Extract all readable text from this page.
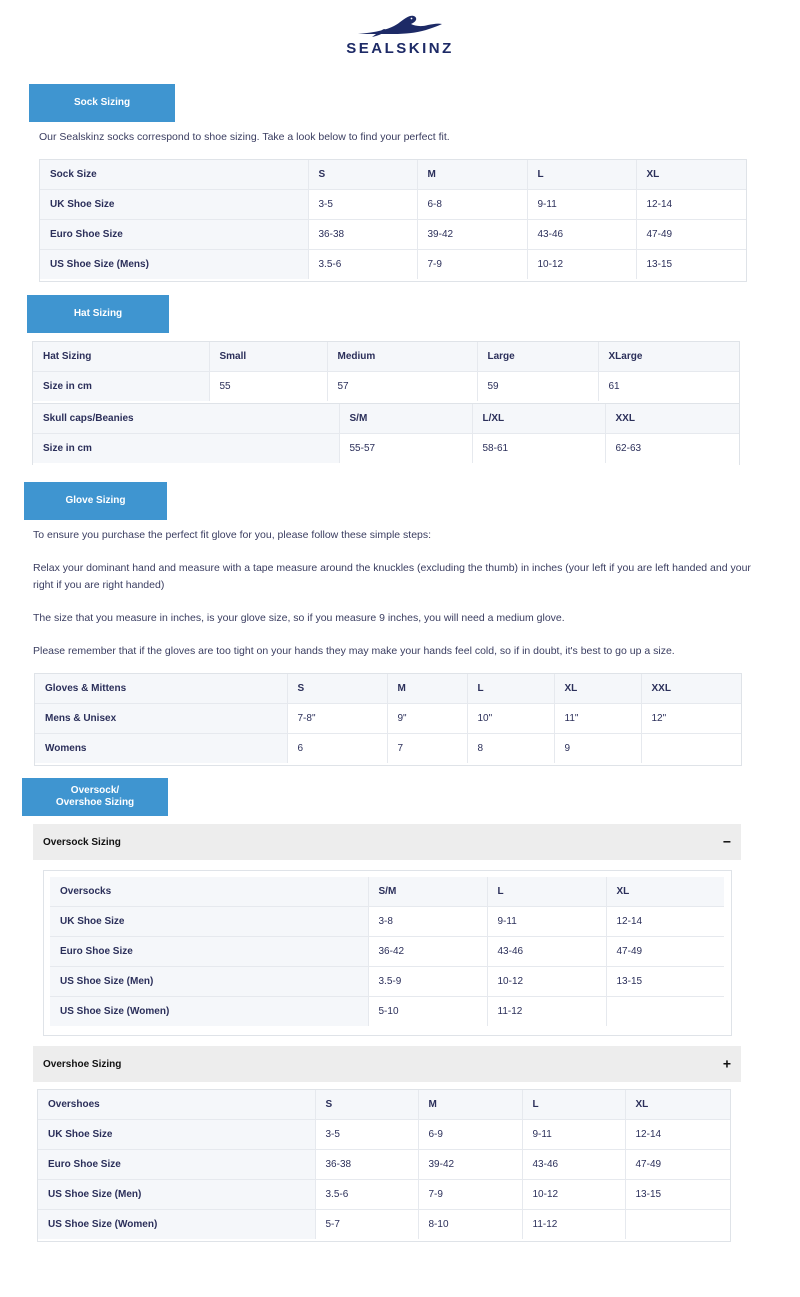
SEALSKINZ
Sock Sizing

Our Sealskinz socks correspond to shoe sizing. Take a look below to find your perfect fit.

Sock Size	S	M	L	XL
UK Shoe Size	3-5	6-8	9-11	12-14
Euro Shoe Size	36-38	39-42	43-46	47-49
US Shoe Size (Mens)	3.5-6	7-9	10-12	13-15
Hat Sizing
Hat Sizing	Small	Medium	Large	XLarge
Size in cm	55	57	59	61
Skull caps/Beanies	S/M	L/XL	XXL
Size in cm	55-57	58-61	62-63
Glove Sizing

To ensure you purchase the perfect fit glove for you, please follow these simple steps:

Relax your dominant hand and measure with a tape measure around the knuckles (excluding the thumb) in inches (your left if you are left handed and your right if you are right handed)

The size that you measure in inches, is your glove size, so if you measure 9 inches, you will need a medium glove.

Please remember that if the gloves are too tight on your hands they may make your hands feel cold, so if in doubt, it's best to go up a size.

Gloves & Mittens	S	M	L	XL	XXL
Mens & Unisex	7-8"	9"	10"	11"	12"
Womens	6	7	8	9	
Oversock/
Overshoe Sizing
Oversock Sizing	−
Oversocks	S/M	L	XL
UK Shoe Size	3-8	9-11	12-14
Euro Shoe Size	36-42	43-46	47-49
US Shoe Size (Men)	3.5-9	10-12	13-15
US Shoe Size (Women)	5-10	11-12	
Overshoe Sizing	+
Overshoes	S	M	L	XL
UK Shoe Size	3-5	6-9	9-11	12-14
Euro Shoe Size	36-38	39-42	43-46	47-49
US Shoe Size (Men)	3.5-6	7-9	10-12	13-15
US Shoe Size (Women)	5-7	8-10	11-12	
